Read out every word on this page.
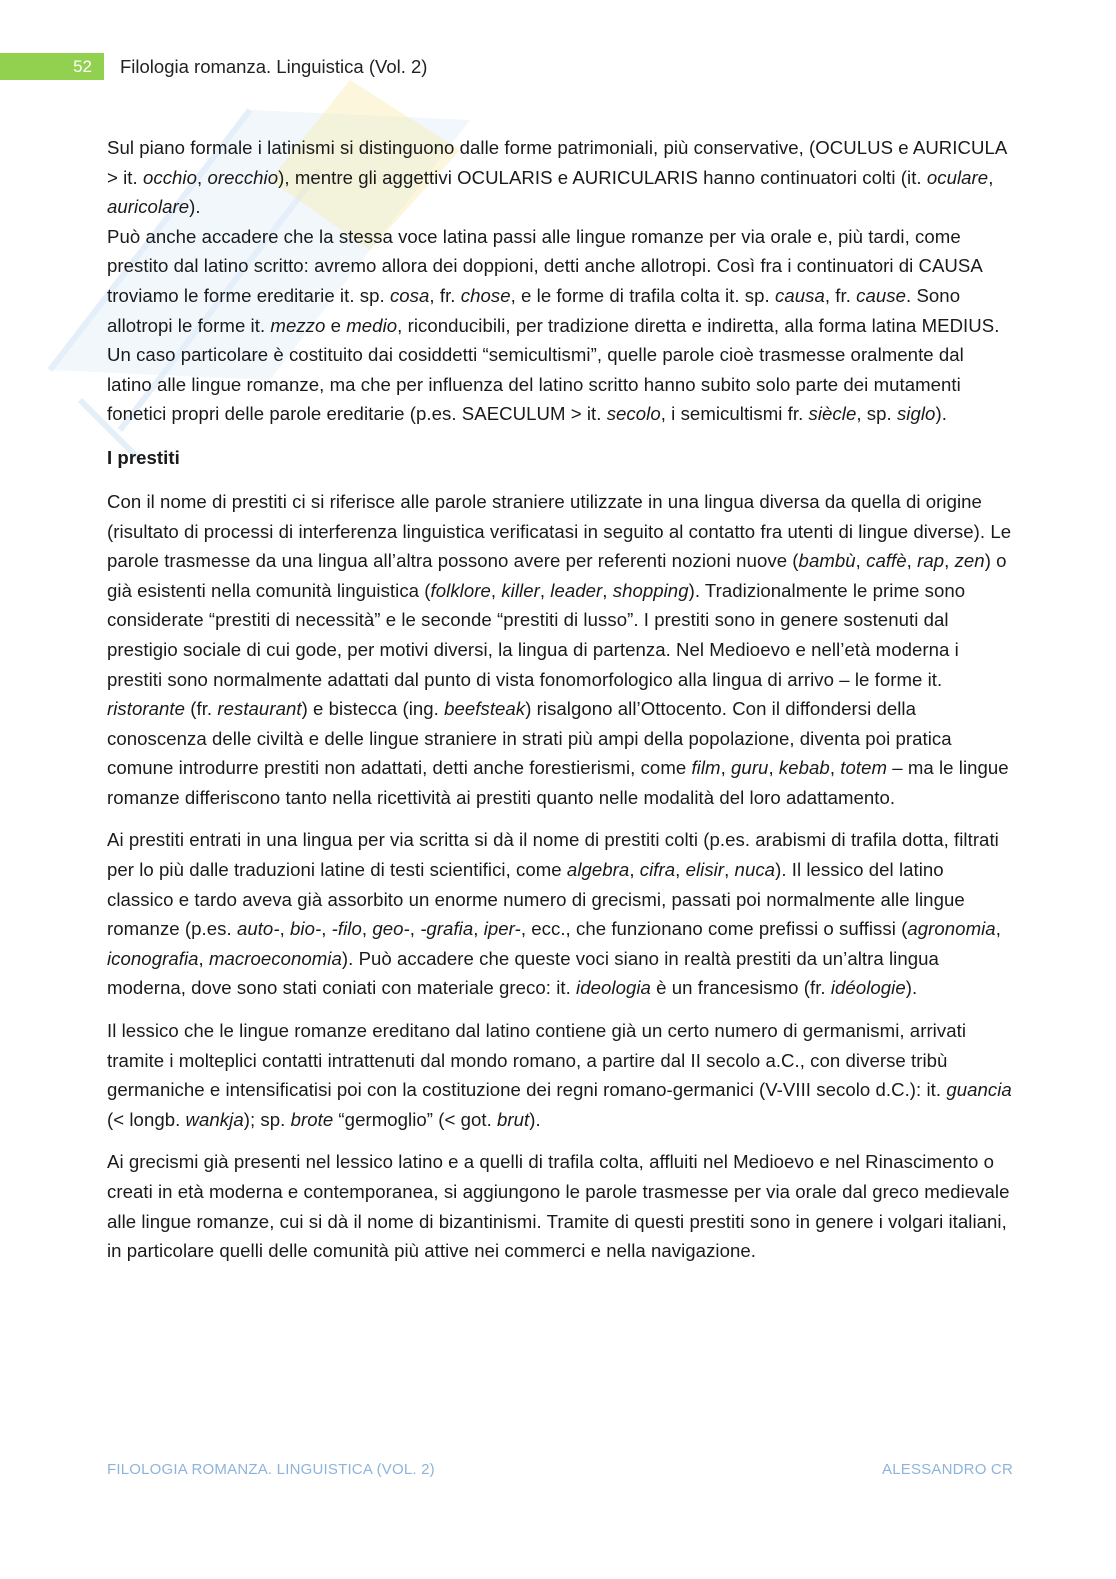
52	Filologia romanza. Linguistica (Vol. 2)

Sul piano formale i latinismi si distinguono dalle forme patrimoniali, più conservative, (OCULUS e AURICULA > it. occhio, orecchio), mentre gli aggettivi OCULARIS e AURICULARIS hanno continuatori colti (it. oculare, auricolare).

Può anche accadere che la stessa voce latina passi alle lingue romanze per via orale e, più tardi, come prestito dal latino scritto: avremo allora dei doppioni, detti anche allotropi. Così fra i continuatori di CAUSA troviamo le forme ereditarie it. sp. cosa, fr. chose, e le forme di trafila colta it. sp. causa, fr. cause. Sono allotropi le forme it. mezzo e medio, riconducibili, per tradizione diretta e indiretta, alla forma latina MEDIUS.

Un caso particolare è costituito dai cosiddetti “semicultismi”, quelle parole cioè trasmesse oralmente dal latino alle lingue romanze, ma che per influenza del latino scritto hanno subito solo parte dei mutamenti fonetici propri delle parole ereditarie (p.es. SAECULUM > it. secolo, i semicultismi fr. siècle, sp. siglo).

I prestiti

Con il nome di prestiti ci si riferisce alle parole straniere utilizzate in una lingua diversa da quella di origine (risultato di processi di interferenza linguistica verificatasi in seguito al contatto fra utenti di lingue diverse). Le parole trasmesse da una lingua all’altra possono avere per referenti nozioni nuove (bambù, caffè, rap, zen) o già esistenti nella comunità linguistica (folklore, killer, leader, shopping). Tradizionalmente le prime sono considerate “prestiti di necessità” e le seconde “prestiti di lusso”. I prestiti sono in genere sostenuti dal prestigio sociale di cui gode, per motivi diversi, la lingua di partenza. Nel Medioevo e nell’età moderna i prestiti sono normalmente adattati dal punto di vista fonomorfologico alla lingua di arrivo – le forme it. ristorante (fr. restaurant) e bistecca (ing. beefsteak) risalgono all’Ottocento. Con il diffondersi della conoscenza delle civiltà e delle lingue straniere in strati più ampi della popolazione, diventa poi pratica comune introdurre prestiti non adattati, detti anche forestierismi, come film, guru, kebab, totem – ma le lingue romanze differiscono tanto nella ricettività ai prestiti quanto nelle modalità del loro adattamento.

Ai prestiti entrati in una lingua per via scritta si dà il nome di prestiti colti (p.es. arabismi di trafila dotta, filtrati per lo più dalle traduzioni latine di testi scientifici, come algebra, cifra, elisir, nuca). Il lessico del latino classico e tardo aveva già assorbito un enorme numero di grecismi, passati poi normalmente alle lingue romanze (p.es. auto-, bio-, -filo, geo-, -grafia, iper-, ecc., che funzionano come prefissi o suffissi (agronomia, iconografia, macroeconomia). Può accadere che queste voci siano in realtà prestiti da un’altra lingua moderna, dove sono stati coniati con materiale greco: it. ideologia è un francesismo (fr. idéologie).

Il lessico che le lingue romanze ereditano dal latino contiene già un certo numero di germanismi, arrivati tramite i molteplici contatti intrattenuti dal mondo romano, a partire dal II secolo a.C., con diverse tribù germaniche e intensificatisi poi con la costituzione dei regni romano-germanici (V-VIII secolo d.C.): it. guancia (< longb. wankja); sp. brote “germoglio” (< got. brut).

Ai grecismi già presenti nel lessico latino e a quelli di trafila colta, affluiti nel Medioevo e nel Rinascimento o creati in età moderna e contemporanea, si aggiungono le parole trasmesse per via orale dal greco medievale alle lingue romanze, cui si dà il nome di bizantinismi. Tramite di questi prestiti sono in genere i volgari italiani, in particolare quelli delle comunità più attive nei commerci e nella navigazione.

FILOLOGIA ROMANZA. LINGUISTICA (VOL. 2)	ALESSANDRO CR
